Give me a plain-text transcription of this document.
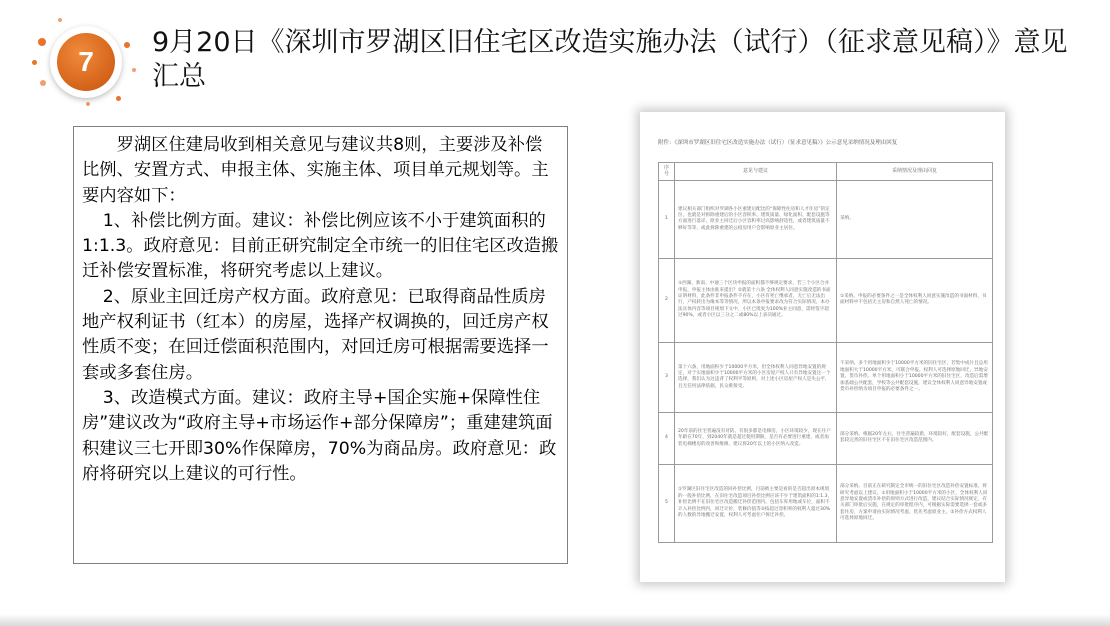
7
9月20日《深圳市罗湖区旧住宅区改造实施办法（试行）（征求意见稿）》意见汇总

罗湖区住建局收到相关意见与建议共8则，主要涉及补偿比例、安置方式、申报主体、实施主体、项目单元规划等。主要内容如下：

1、补偿比例方面。建议：补偿比例应该不小于建筑面积的1:1.3。政府意见：目前正研究制定全市统一的旧住宅区改造搬迁补偿安置标准，将研究考虑以上建议。

2、原业主回迁房产权方面。政府意见：已取得商品性质房地产权利证书（红本）的房屋，选择产权调换的，回迁房产权性质不变；在回迁偿面积范围内，对回迁房可根据需要选择一套或多套住房。

3、改造模式方面。建议：政府主导+国企实施+保障性住房”建议改为“政府主导+市场运作+部分保障房”；重建建筑面积建议三七开即30%作保障房，70%为商品房。政府意见：政府将研究以上建议的可行性。

附件：《深圳市罗湖区旧住宅区改造实施办法（试行）（征求意见稿）》公示意见采纳情况及理由回复
序号	意见与建议	采纳情况及理由回复
1	建议相关部门组织对罗湖各小区重建后配比的“保障性住房和人才住房”的定位，也就是对拆除重建后的小区容积率、建筑质量、绿化面积、配套设施等方面进行落详，原业主回迁后小区容积率过高影响舒适性，或者建筑质量不够好等等，或此拆除重建的公租房用户会影响原业主居住。	采纳。
2	①西湖、新南、中通三个区块申报的面积都不够规定要求，若三个小区合并申报，申报主体由谁来提出？②就第十六条 全体权利人同意实施改造的书面证明材料，此条件非申报条件不存在，小区有死亡继承者，无亡后无法出行，产权转出为缘本等等情况，所以本条申报要求改为符合实际情况，本办法具体内容等项目规划下文中，小区已批复为100%业主同意，需经签字超过90%，或者小区以三分之二或80%以上表决通过。	①采纳。申报的必要条件之一是全体权利人同意实施改造的书面材料，书面材料中不包括无主房和自然人死亡的情况。
3	第十六条，用地面积少于10000平方米，但全体权利人同意异地安置的规定，对于实地面积少于10000平方米的小区房屋产权人只有异地安置这一个选择，我们认为这违背了权利平等原则，对上述小区房屋产权人是失公平，且无任何法律依据，民众难接受。	不采纳。多个用地面积少于10000平方米的旧住宅区，若集中成片且总用地面积大于10000平方米，可联合申报。权利人可选择原地回迁、异地安置、货币补偿。单个用地面积小于10000平方米的旧住宅区，改造后需增加基础公共配套，学校等公共配套设施，建议全体权利人同意异地安置或货币补偿纳为项目申报的必要条件之一。
4	20年前的住宅普遍没有对防、有很多都是电梯房，小区环境较少，现在住户年龄在70年，到2040年就是超过使用期限，是否有必要进行重建，或者加装电梯楼房的改善和维修，建议将20年以上的小区纳入改造。	部分采纳。根据20年左右，住宅普遍较新，环境较好，配套设施，公共配套较完善的旧住宅区不在旧住宅区改造范围内。
5	①罗湖区旧住宅区改造的回补偿比例，目前被主要是看的是否超出原本规划的一般补偿比例，在旧住宅改造项目补偿比例应该不少于建筑面积的1:1.3，补偿比例不在旧住宅区改造搬迁补偿范围内，包括车库用地或车位，面积不计入补偿比例内，回迁计价，装修价值等②按超过容积率的权利人超过30%的人数的异地搬迁安置，权利人可考虑住户拆迁补偿。	部分采纳。目前正在研究制定全市统一的旧住宅区改造补偿安置标准，将研究考虑以上建议。①用地面积小于10000平方米的小区，全体权利人同意异地安置或货币补偿的原则方式进行改造，建议结合实际情况规定，有关部门审批后实施，在规定的审批程序内，可根据实际需要选择一套或多套住房，方案申请由实际情况考虑，优先考虑原业主。②补偿方式权利人可选择原地回迁。
